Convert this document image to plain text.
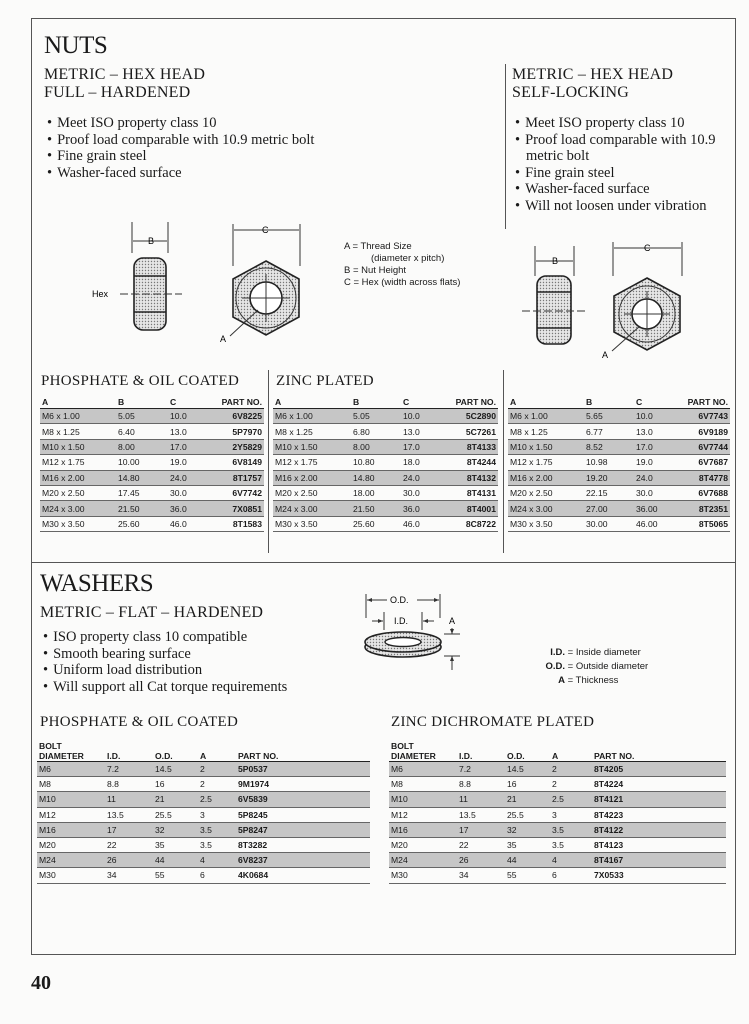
NUTS
METRIC – HEX HEAD
FULL – HARDENED
• Meet ISO property class 10
• Proof load comparable with 10.9 metric bolt
• Fine grain steel
• Washer-faced surface
METRIC – HEX HEAD
SELF-LOCKING
• Meet ISO property class 10
• Proof load comparable with 10.9 metric bolt
• Fine grain steel
• Washer-faced surface
• Will not loosen under vibration
B
Hex
C
A
A = Thread Size
(diameter x pitch)
B = Nut Height
C = Hex (width across flats)
B
C
A
PHOSPHATE & OIL COATED ZINC PLATED
A	B	C	PART NO.
M6 x 1.00	5.05	10.0	6V8225
M8 x 1.25	6.40	13.0	5P7970
M10 x 1.50	8.00	17.0	2Y5829
M12 x 1.75	10.00	19.0	6V8149
M16 x 2.00	14.80	24.0	8T1757
M20 x 2.50	17.45	30.0	6V7742
M24 x 3.00	21.50	36.0	7X0851
M30 x 3.50	25.60	46.0	8T1583
A	B	C	PART NO.
M6 x 1.00	5.05	10.0	5C2890
M8 x 1.25	6.80	13.0	5C7261
M10 x 1.50	8.00	17.0	8T4133
M12 x 1.75	10.80	18.0	8T4244
M16 x 2.00	14.80	24.0	8T4132
M20 x 2.50	18.00	30.0	8T4131
M24 x 3.00	21.50	36.0	8T4001
M30 x 3.50	25.60	46.0	8C8722
A	B	C	PART NO.
M6 x 1.00	5.65	10.0	6V7743
M8 x 1.25	6.77	13.0	6V9189
M10 x 1.50	8.52	17.0	6V7744
M12 x 1.75	10.98	19.0	6V7687
M16 x 2.00	19.20	24.0	8T4778
M20 x 2.50	22.15	30.0	6V7688
M24 x 3.00	27.00	36.00	8T2351
M30 x 3.50	30.00	46.00	8T5065
WASHERS
METRIC – FLAT – HARDENED
• ISO property class 10 compatible
• Smooth bearing surface
• Uniform load distribution
• Will support all Cat torque requirements
O.D.
I.D.	A
I.D. = Inside diameter
O.D. = Outside diameter
A = Thickness
PHOSPHATE & OIL COATED	ZINC DICHROMATE PLATED
BOLT
DIAMETER	I.D.	O.D.	A	PART NO.
M6	7.2	14.5	2	5P0537
M8	8.8	16	2	9M1974
M10	11	21	2.5	6V5839
M12	13.5	25.5	3	5P8245
M16	17	32	3.5	5P8247
M20	22	35	3.5	8T3282
M24	26	44	4	6V8237
M30	34	55	6	4K0684
BOLT
DIAMETER	I.D.	O.D.	A	PART NO.
M6	7.2	14.5	2	8T4205
M8	8.8	16	2	8T4224
M10	11	21	2.5	8T4121
M12	13.5	25.5	3	8T4223
M16	17	32	3.5	8T4122
M20	22	35	3.5	8T4123
M24	26	44	4	8T4167
M30	34	55	6	7X0533
40
